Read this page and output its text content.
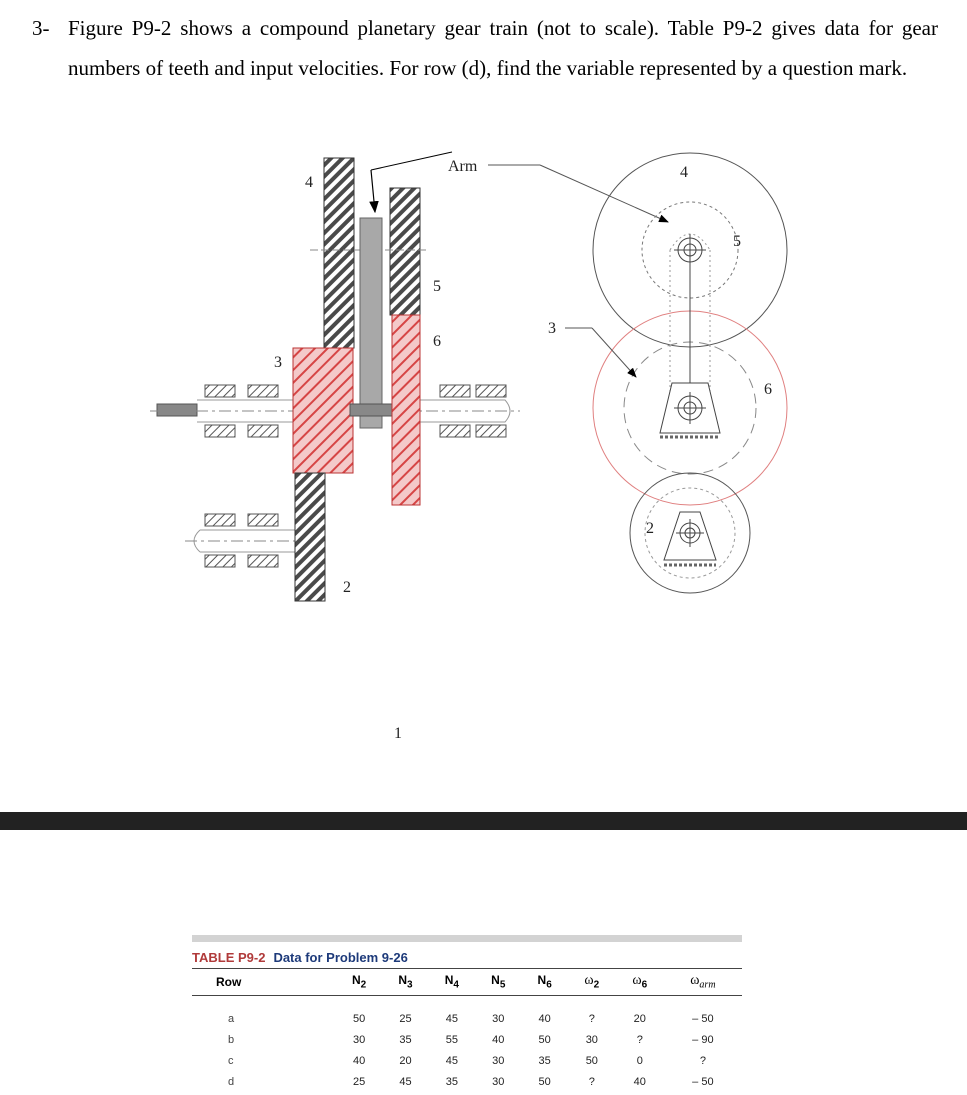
3- Figure P9-2 shows a compound planetary gear train (not to scale). Table P9-2 gives data for gear numbers of teeth and input velocities. For row (d), find the variable represented by a question mark.
4
3
2
5
6
1
Arm
3
4
5
6
2
TABLE P9-2 Data for Problem 9-26
Row	$N_2$	$N_3$	$N_4$	$N_5$	$N_6$	$\omega_2$	$\omega_6$	$\omega_{arm}$

a	50	25	45	30	40	?	20	– 50
b	30	35	55	40	50	30	?	– 90
c	40	20	45	30	35	50	0	?
d	25	45	35	30	50	?	40	– 50
